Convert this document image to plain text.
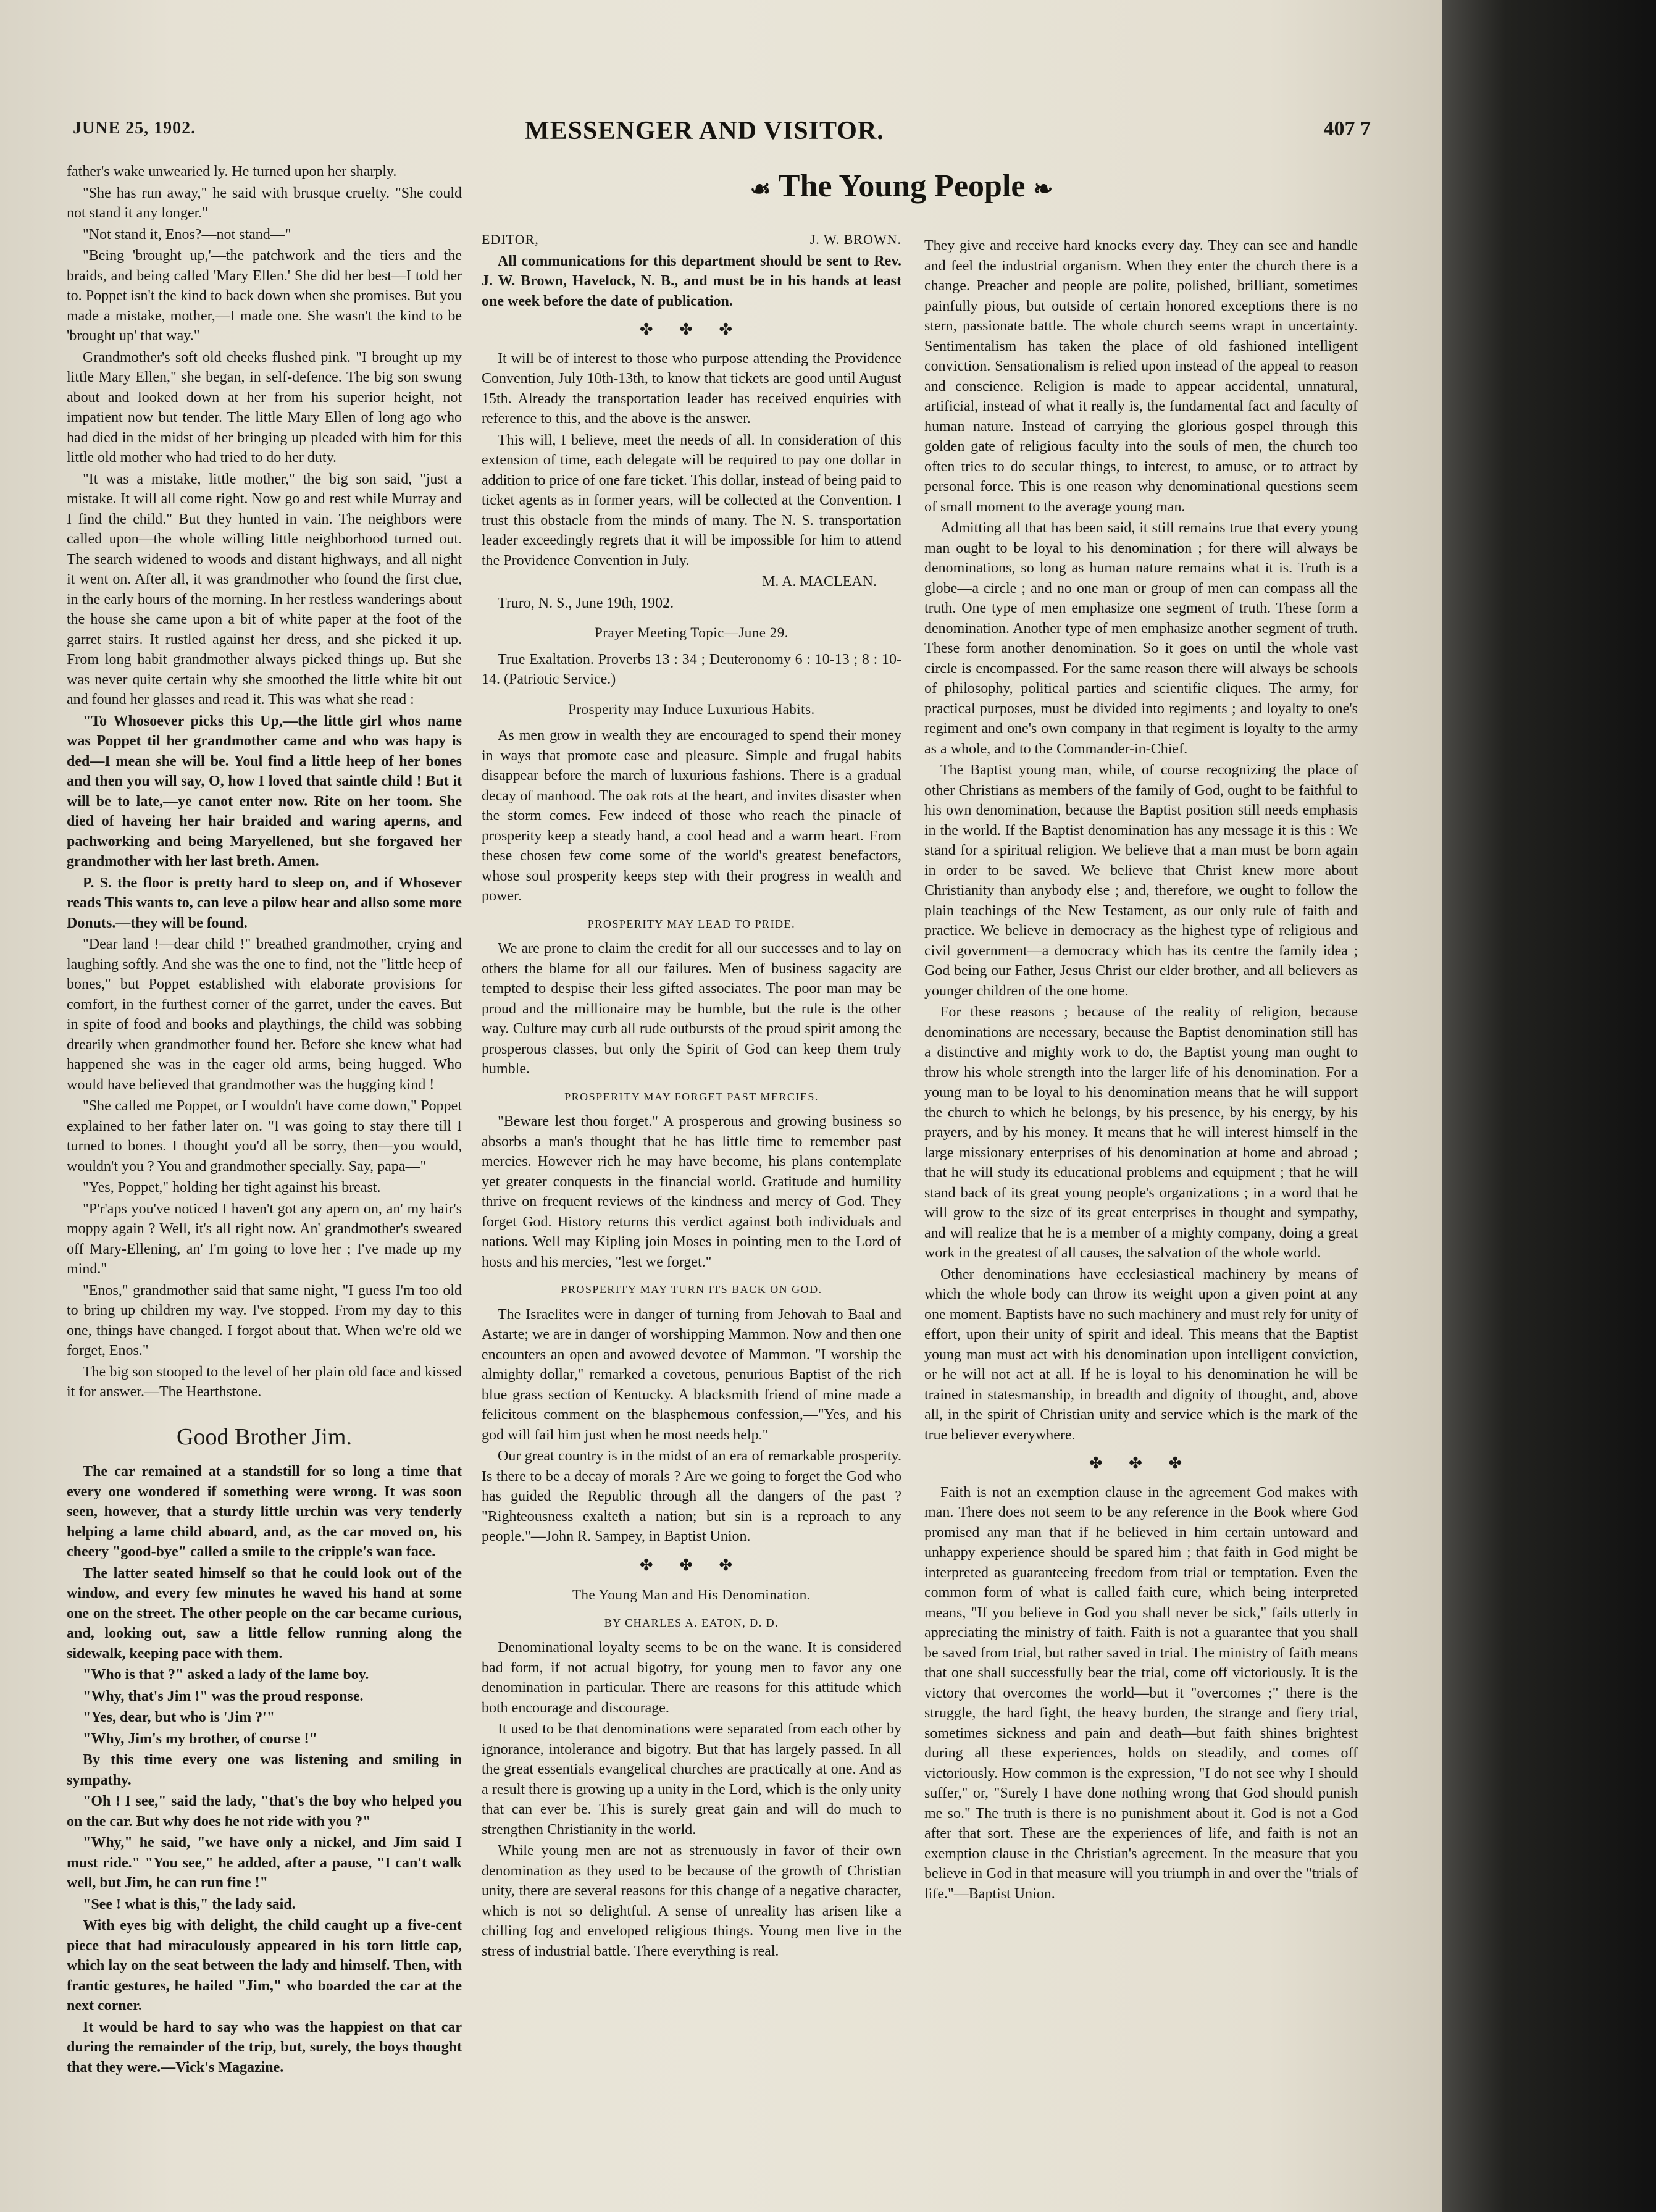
JUNE 25, 1902.	MESSENGER AND VISITOR.	407 7
☙ The Young People ❧

father's wake unwearied ly. He turned upon her sharply.

"She has run away," he said with brusque cruelty. "She could not stand it any longer."

"Not stand it, Enos?—not stand—"

"Being 'brought up,'—the patchwork and the tiers and the braids, and being called 'Mary Ellen.' She did her best—I told her to. Poppet isn't the kind to back down when she promises. But you made a mistake, mother,—I made one. She wasn't the kind to be 'brought up' that way."

Grandmother's soft old cheeks flushed pink. "I brought up my little Mary Ellen," she began, in self-defence. The big son swung about and looked down at her from his superior height, not impatient now but tender. The little Mary Ellen of long ago who had died in the midst of her bringing up pleaded with him for this little old mother who had tried to do her duty.

"It was a mistake, little mother," the big son said, "just a mistake. It will all come right. Now go and rest while Murray and I find the child." But they hunted in vain. The neighbors were called upon—the whole willing little neighborhood turned out. The search widened to woods and distant highways, and all night it went on. After all, it was grandmother who found the first clue, in the early hours of the morning. In her restless wanderings about the house she came upon a bit of white paper at the foot of the garret stairs. It rustled against her dress, and she picked it up. From long habit grandmother always picked things up. But she was never quite certain why she smoothed the little white bit out and found her glasses and read it. This was what she read :

"To Whosoever picks this Up,—the little girl whos name was Poppet til her grandmother came and who was hapy is ded—I mean she will be. Youl find a little heep of her bones and then you will say, O, how I loved that saintle child ! But it will be to late,—ye canot enter now. Rite on her toom. She died of haveing her hair braided and waring aperns, and pachworking and being Maryellened, but she forgaved her grandmother with her last breth. Amen.

P. S. the floor is pretty hard to sleep on, and if Whosever reads This wants to, can leve a pilow hear and allso some more Donuts.—they will be found.

"Dear land !—dear child !" breathed grandmother, crying and laughing softly. And she was the one to find, not the "little heep of bones," but Poppet established with elaborate provisions for comfort, in the furthest corner of the garret, under the eaves. But in spite of food and books and playthings, the child was sobbing drearily when grandmother found her. Before she knew what had happened she was in the eager old arms, being hugged. Who would have believed that grandmother was the hugging kind !

"She called me Poppet, or I wouldn't have come down," Poppet explained to her father later on. "I was going to stay there till I turned to bones. I thought you'd all be sorry, then—you would, wouldn't you ? You and grandmother specially. Say, papa—"

"Yes, Poppet," holding her tight against his breast.

"P'r'aps you've noticed I haven't got any apern on, an' my hair's moppy again ? Well, it's all right now. An' grandmother's sweared off Mary-Ellening, an' I'm going to love her ; I've made up my mind."

"Enos," grandmother said that same night, "I guess I'm too old to bring up children my way. I've stopped. From my day to this one, things have changed. I forgot about that. When we're old we forget, Enos."

The big son stooped to the level of her plain old face and kissed it for answer.—The Hearthstone.

Good Brother Jim.

The car remained at a standstill for so long a time that every one wondered if something were wrong. It was soon seen, however, that a sturdy little urchin was very tenderly helping a lame child aboard, and, as the car moved on, his cheery "good-bye" called a smile to the cripple's wan face.

The latter seated himself so that he could look out of the window, and every few minutes he waved his hand at some one on the street. The other people on the car became curious, and, looking out, saw a little fellow running along the sidewalk, keeping pace with them.

"Who is that ?" asked a lady of the lame boy.

"Why, that's Jim !" was the proud response.

"Yes, dear, but who is 'Jim ?'"

"Why, Jim's my brother, of course !"

By this time every one was listening and smiling in sympathy.

"Oh ! I see," said the lady, "that's the boy who helped you on the car. But why does he not ride with you ?"

"Why," he said, "we have only a nickel, and Jim said I must ride." "You see," he added, after a pause, "I can't walk well, but Jim, he can run fine !"

"See ! what is this," the lady said.

With eyes big with delight, the child caught up a five-cent piece that had miraculously appeared in his torn little cap, which lay on the seat between the lady and himself. Then, with frantic gestures, he hailed "Jim," who boarded the car at the next corner.

It would be hard to say who was the happiest on that car during the remainder of the trip, but, surely, the boys thought that they were.—Vick's Magazine.

EDITOR,	J. W. BROWN.

All communications for this department should be sent to Rev. J. W. Brown, Havelock, N. B., and must be in his hands at least one week before the date of publication.

✤ ✤ ✤

It will be of interest to those who purpose attending the Providence Convention, July 10th-13th, to know that tickets are good until August 15th. Already the transportation leader has received enquiries with reference to this, and the above is the answer.

This will, I believe, meet the needs of all. In consideration of this extension of time, each delegate will be required to pay one dollar in addition to price of one fare ticket. This dollar, instead of being paid to ticket agents as in former years, will be collected at the Convention. I trust this obstacle from the minds of many. The N. S. transportation leader exceedingly regrets that it will be impossible for him to attend the Providence Convention in July.

M. A. MACLEAN.

Truro, N. S., June 19th, 1902.

Prayer Meeting Topic—June 29.

True Exaltation. Proverbs 13 : 34 ; Deuteronomy 6 : 10-13 ; 8 : 10-14. (Patriotic Service.)

Prosperity may Induce Luxurious Habits.

As men grow in wealth they are encouraged to spend their money in ways that promote ease and pleasure. Simple and frugal habits disappear before the march of luxurious fashions. There is a gradual decay of manhood. The oak rots at the heart, and invites disaster when the storm comes. Few indeed of those who reach the pinacle of prosperity keep a steady hand, a cool head and a warm heart. From these chosen few come some of the world's greatest benefactors, whose soul prosperity keeps step with their progress in wealth and power.

PROSPERITY MAY LEAD TO PRIDE.

We are prone to claim the credit for all our successes and to lay on others the blame for all our failures. Men of business sagacity are tempted to despise their less gifted associates. The poor man may be proud and the millionaire may be humble, but the rule is the other way. Culture may curb all rude outbursts of the proud spirit among the prosperous classes, but only the Spirit of God can keep them truly humble.

PROSPERITY MAY FORGET PAST MERCIES.

"Beware lest thou forget." A prosperous and growing business so absorbs a man's thought that he has little time to remember past mercies. However rich he may have become, his plans contemplate yet greater conquests in the financial world. Gratitude and humility thrive on frequent reviews of the kindness and mercy of God. They forget God. History returns this verdict against both individuals and nations. Well may Kipling join Moses in pointing men to the Lord of hosts and his mercies, "lest we forget."

PROSPERITY MAY TURN ITS BACK ON GOD.

The Israelites were in danger of turning from Jehovah to Baal and Astarte; we are in danger of worshipping Mammon. Now and then one encounters an open and avowed devotee of Mammon. "I worship the almighty dollar," remarked a covetous, penurious Baptist of the rich blue grass section of Kentucky. A blacksmith friend of mine made a felicitous comment on the blasphemous confession,—"Yes, and his god will fail him just when he most needs help."

Our great country is in the midst of an era of remarkable prosperity. Is there to be a decay of morals ? Are we going to forget the God who has guided the Republic through all the dangers of the past ? "Righteousness exalteth a nation; but sin is a reproach to any people."—John R. Sampey, in Baptist Union.

✤ ✤ ✤

The Young Man and His Denomination.

BY CHARLES A. EATON, D. D.

Denominational loyalty seems to be on the wane. It is considered bad form, if not actual bigotry, for young men to favor any one denomination in particular. There are reasons for this attitude which both encourage and discourage.

It used to be that denominations were separated from each other by ignorance, intolerance and bigotry. But that has largely passed. In all the great essentials evangelical churches are practically at one. And as a result there is growing up a unity in the Lord, which is the only unity that can ever be. This is surely great gain and will do much to strengthen Christianity in the world.

While young men are not as strenuously in favor of their own denomination as they used to be because of the growth of Christian unity, there are several reasons for this change of a negative character, which is not so delightful. A sense of unreality has arisen like a chilling fog and enveloped religious things. Young men live in the stress of industrial battle. There everything is real.

They give and receive hard knocks every day. They can see and handle and feel the industrial organism. When they enter the church there is a change. Preacher and people are polite, polished, brilliant, sometimes painfully pious, but outside of certain honored exceptions there is no stern, passionate battle. The whole church seems wrapt in uncertainty. Sentimentalism has taken the place of old fashioned intelligent conviction. Sensationalism is relied upon instead of the appeal to reason and conscience. Religion is made to appear accidental, unnatural, artificial, instead of what it really is, the fundamental fact and faculty of human nature. Instead of carrying the glorious gospel through this golden gate of religious faculty into the souls of men, the church too often tries to do secular things, to interest, to amuse, or to attract by personal force. This is one reason why denominational questions seem of small moment to the average young man.

Admitting all that has been said, it still remains true that every young man ought to be loyal to his denomination ; for there will always be denominations, so long as human nature remains what it is. Truth is a globe—a circle ; and no one man or group of men can compass all the truth. One type of men emphasize one segment of truth. These form a denomination. Another type of men emphasize another segment of truth. These form another denomination. So it goes on until the whole vast circle is encompassed. For the same reason there will always be schools of philosophy, political parties and scientific cliques. The army, for practical purposes, must be divided into regiments ; and loyalty to one's regiment and one's own company in that regiment is loyalty to the army as a whole, and to the Commander-in-Chief.

The Baptist young man, while, of course recognizing the place of other Christians as members of the family of God, ought to be faithful to his own denomination, because the Baptist position still needs emphasis in the world. If the Baptist denomination has any message it is this : We stand for a spiritual religion. We believe that a man must be born again in order to be saved. We believe that Christ knew more about Christianity than anybody else ; and, therefore, we ought to follow the plain teachings of the New Testament, as our only rule of faith and practice. We believe in democracy as the highest type of religious and civil government—a democracy which has its centre the family idea ; God being our Father, Jesus Christ our elder brother, and all believers as younger children of the one home.

For these reasons ; because of the reality of religion, because denominations are necessary, because the Baptist denomination still has a distinctive and mighty work to do, the Baptist young man ought to throw his whole strength into the larger life of his denomination. For a young man to be loyal to his denomination means that he will support the church to which he belongs, by his presence, by his energy, by his prayers, and by his money. It means that he will interest himself in the large missionary enterprises of his denomination at home and abroad ; that he will study its educational problems and equipment ; that he will stand back of its great young people's organizations ; in a word that he will grow to the size of its great enterprises in thought and sympathy, and will realize that he is a member of a mighty company, doing a great work in the greatest of all causes, the salvation of the whole world.

Other denominations have ecclesiastical machinery by means of which the whole body can throw its weight upon a given point at any one moment. Baptists have no such machinery and must rely for unity of effort, upon their unity of spirit and ideal. This means that the Baptist young man must act with his denomination upon intelligent conviction, or he will not act at all. If he is loyal to his denomination he will be trained in statesmanship, in breadth and dignity of thought, and, above all, in the spirit of Christian unity and service which is the mark of the true believer everywhere.

✤ ✤ ✤

Faith is not an exemption clause in the agreement God makes with man. There does not seem to be any reference in the Book where God promised any man that if he believed in him certain untoward and unhappy experience should be spared him ; that faith in God might be interpreted as guaranteeing freedom from trial or temptation. Even the common form of what is called faith cure, which being interpreted means, "If you believe in God you shall never be sick," fails utterly in appreciating the ministry of faith. Faith is not a guarantee that you shall be saved from trial, but rather saved in trial. The ministry of faith means that one shall successfully bear the trial, come off victoriously. It is the victory that overcomes the world—but it "overcomes ;" there is the struggle, the hard fight, the heavy burden, the strange and fiery trial, sometimes sickness and pain and death—but faith shines brightest during all these experiences, holds on steadily, and comes off victoriously. How common is the expression, "I do not see why I should suffer," or, "Surely I have done nothing wrong that God should punish me so." The truth is there is no punishment about it. God is not a God after that sort. These are the experiences of life, and faith is not an exemption clause in the Christian's agreement. In the measure that you believe in God in that measure will you triumph in and over the "trials of life."—Baptist Union.
